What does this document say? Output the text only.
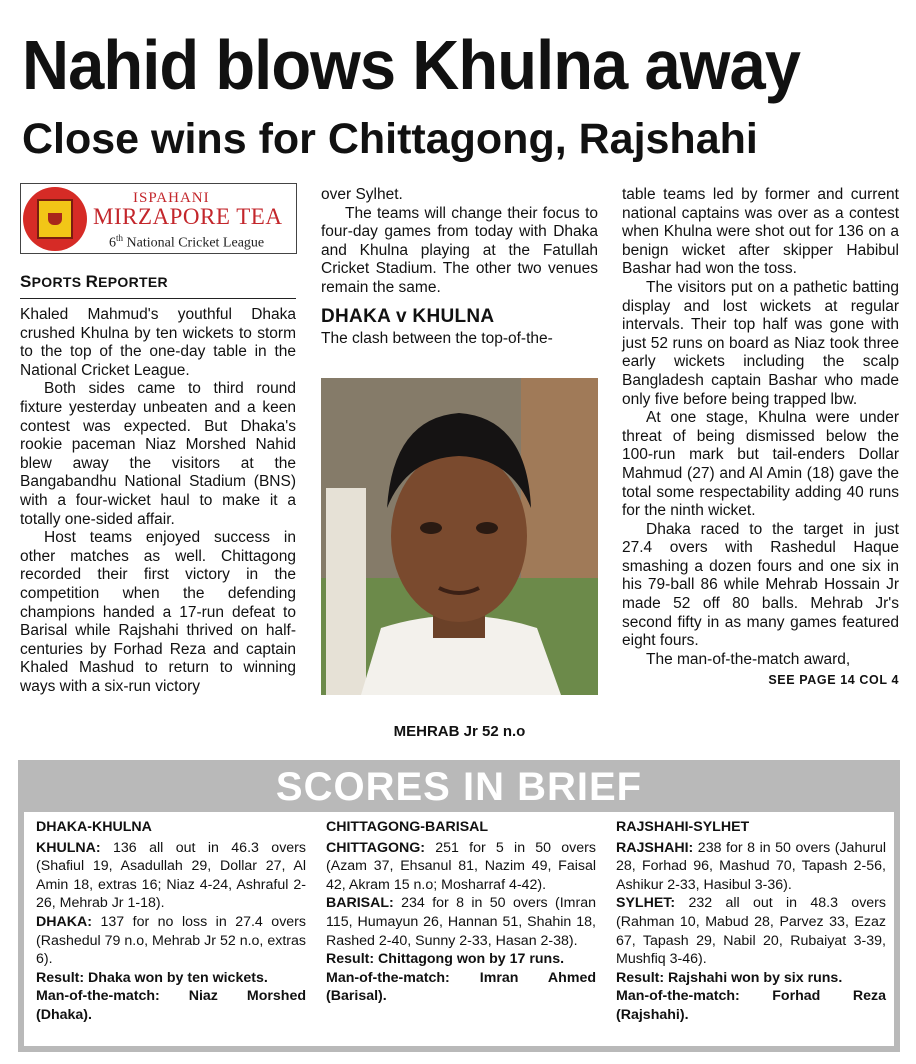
Nahid blows Khulna away
Close wins for Chittagong, Rajshahi
ISPAHANI
MIRZAPORE TEA
6th National Cricket League
SPORTS REPORTER

Khaled Mahmud's youthful Dhaka crushed Khulna by ten wickets to storm to the top of the one-day table in the National Cricket League.

Both sides came to third round fixture yesterday unbeaten and a keen contest was expected. But Dhaka's rookie paceman Niaz Morshed Nahid blew away the visitors at the Bangabandhu National Stadium (BNS) with a four-wicket haul to make it a totally one-sided affair.

Host teams enjoyed success in other matches as well. Chittagong recorded their first victory in the competition when the defending champions handed a 17-run defeat to Barisal while Rajshahi thrived on half-centuries by Forhad Reza and captain Khaled Mashud to return to winning ways with a six-run victory

over Sylhet.

The teams will change their focus to four-day games from today with Dhaka and Khulna playing at the Fatullah Cricket Stadium. The other two venues remain the same.

DHAKA v KHULNA

The clash between the top-of-the-

MEHRAB Jr 52 n.o

table teams led by former and current national captains was over as a contest when Khulna were shot out for 136 on a benign wicket after skipper Habibul Bashar had won the toss.

The visitors put on a pathetic batting display and lost wickets at regular intervals. Their top half was gone with just 52 runs on board as Niaz took three early wickets including the scalp Bangladesh captain Bashar who made only five before being trapped lbw.

At one stage, Khulna were under threat of being dismissed below the 100-run mark but tail-enders Dollar Mahmud (27) and Al Amin (18) gave the total some respectability adding 40 runs for the ninth wicket.

Dhaka raced to the target in just 27.4 overs with Rashedul Haque smashing a dozen fours and one six in his 79-ball 86 while Mehrab Hossain Jr made 52 off 80 balls. Mehrab Jr's second fifty in as many games featured eight fours.

The man-of-the-match award,

SEE PAGE 14 COL 4
SCORES IN BRIEF
DHAKA-KHULNA
KHULNA: 136 all out in 46.3 overs (Shafiul 19, Asadullah 29, Dollar 27, Al Amin 18, extras 16; Niaz 4-24, Ashraful 2-26, Mehrab Jr 1-18).
DHAKA: 137 for no loss in 27.4 overs (Rashedul 79 n.o, Mehrab Jr 52 n.o, extras 6).
Result: Dhaka won by ten wickets.
Man-of-the-match: Niaz Morshed (Dhaka).
CHITTAGONG-BARISAL
CHITTAGONG: 251 for 5 in 50 overs (Azam 37, Ehsanul 81, Nazim 49, Faisal 42, Akram 15 n.o; Mosharraf 4-42).
BARISAL: 234 for 8 in 50 overs (Imran 115, Humayun 26, Hannan 51, Shahin 18, Rashed 2-40, Sunny 2-33, Hasan 2-38).
Result: Chittagong won by 17 runs.
Man-of-the-match: Imran Ahmed (Barisal).
RAJSHAHI-SYLHET
RAJSHAHI: 238 for 8 in 50 overs (Jahurul 28, Forhad 96, Mashud 70, Tapash 2-56, Ashikur 2-33, Hasibul 3-36).
SYLHET: 232 all out in 48.3 overs (Rahman 10, Mabud 28, Parvez 33, Ezaz 67, Tapash 29, Nabil 20, Rubaiyat 3-39, Mushfiq 3-46).
Result: Rajshahi won by six runs.
Man-of-the-match: Forhad Reza (Rajshahi).
